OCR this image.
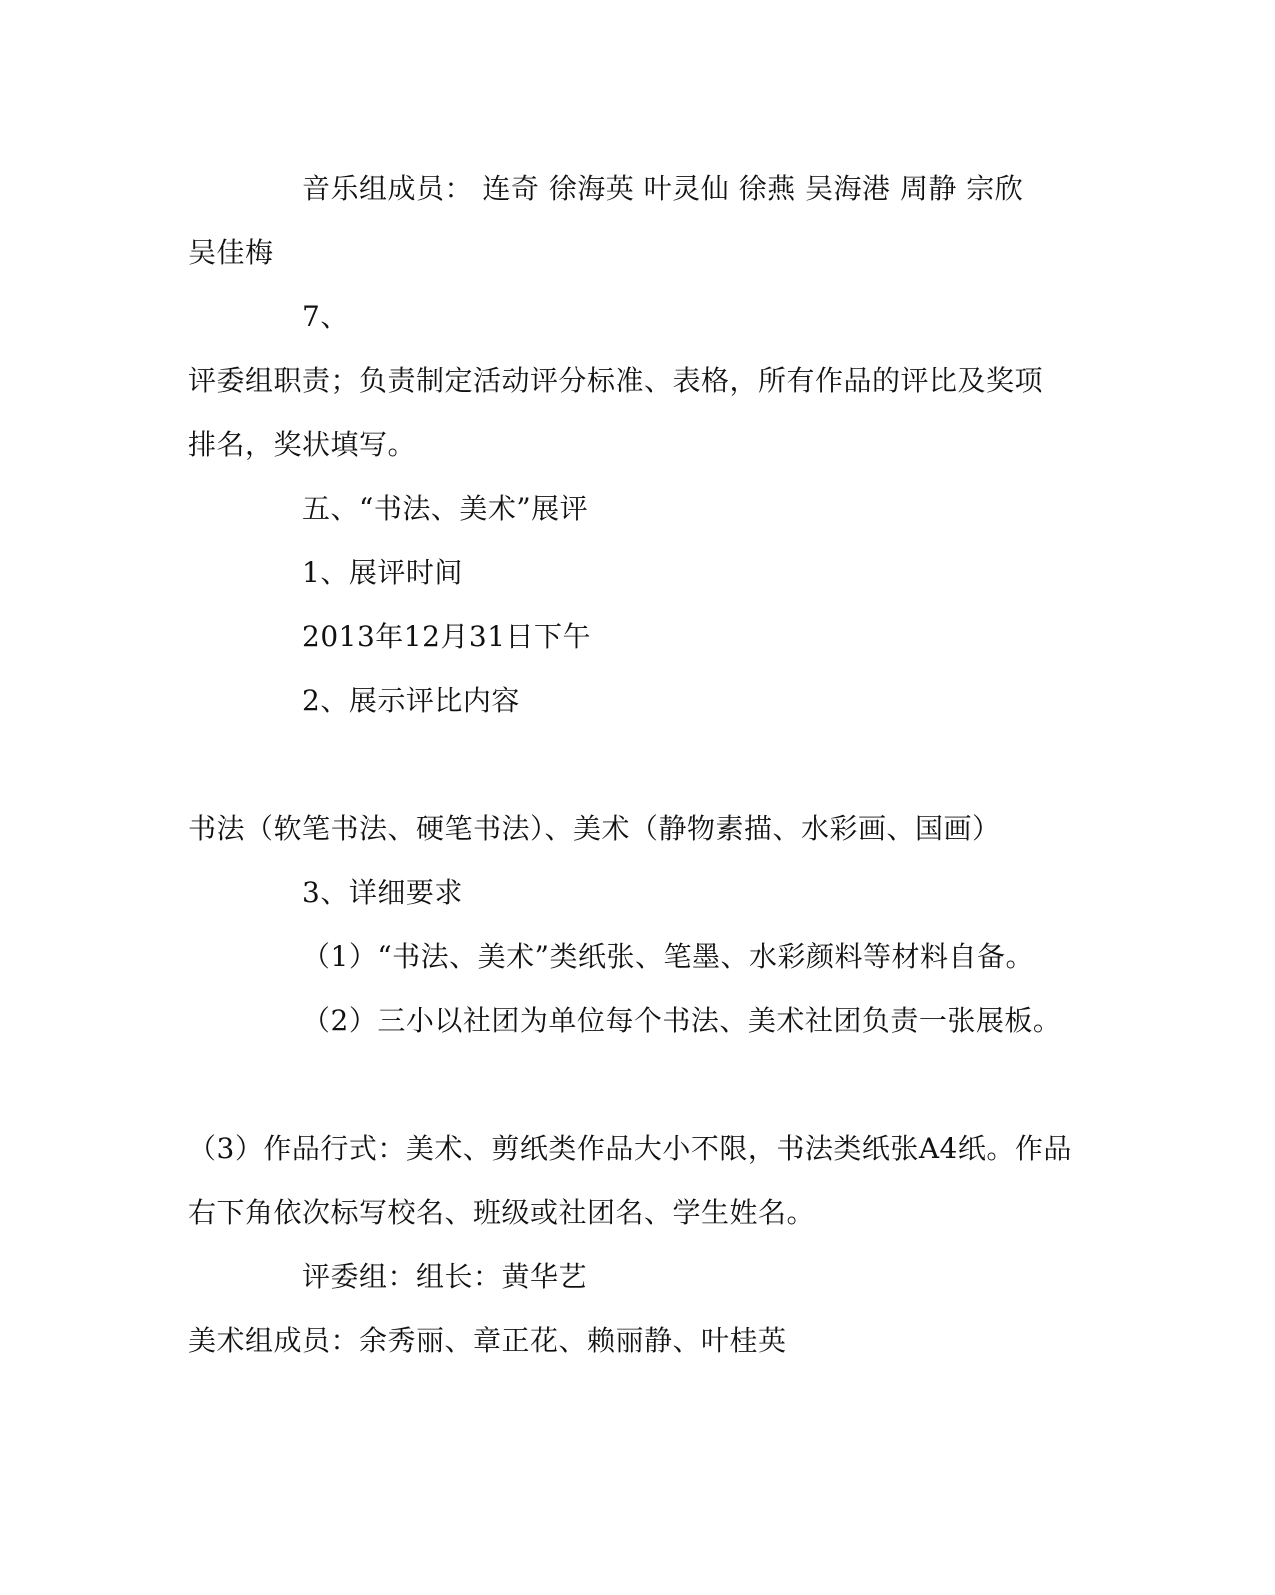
音乐组成员： 连奇 徐海英 叶灵仙 徐燕 吴海港 周静 宗欣
吴佳梅
7、
评委组职责；负责制定活动评分标准、表格，所有作品的评比及奖项
排名，奖状填写。
五、“书法、美术”展评
1、展评时间
2013年12月31日下午
2、展示评比内容
书法（软笔书法、硬笔书法）、美术（静物素描、水彩画、国画）
3、详细要求
（1）“书法、美术”类纸张、笔墨、水彩颜料等材料自备。
（2）三小以社团为单位每个书法、美术社团负责一张展板。
（3）作品行式：美术、剪纸类作品大小不限，书法类纸张A4纸。作品
右下角依次标写校名、班级或社团名、学生姓名。
评委组：组长：黄华艺
美术组成员：余秀丽、章正花、赖丽静、叶桂英
